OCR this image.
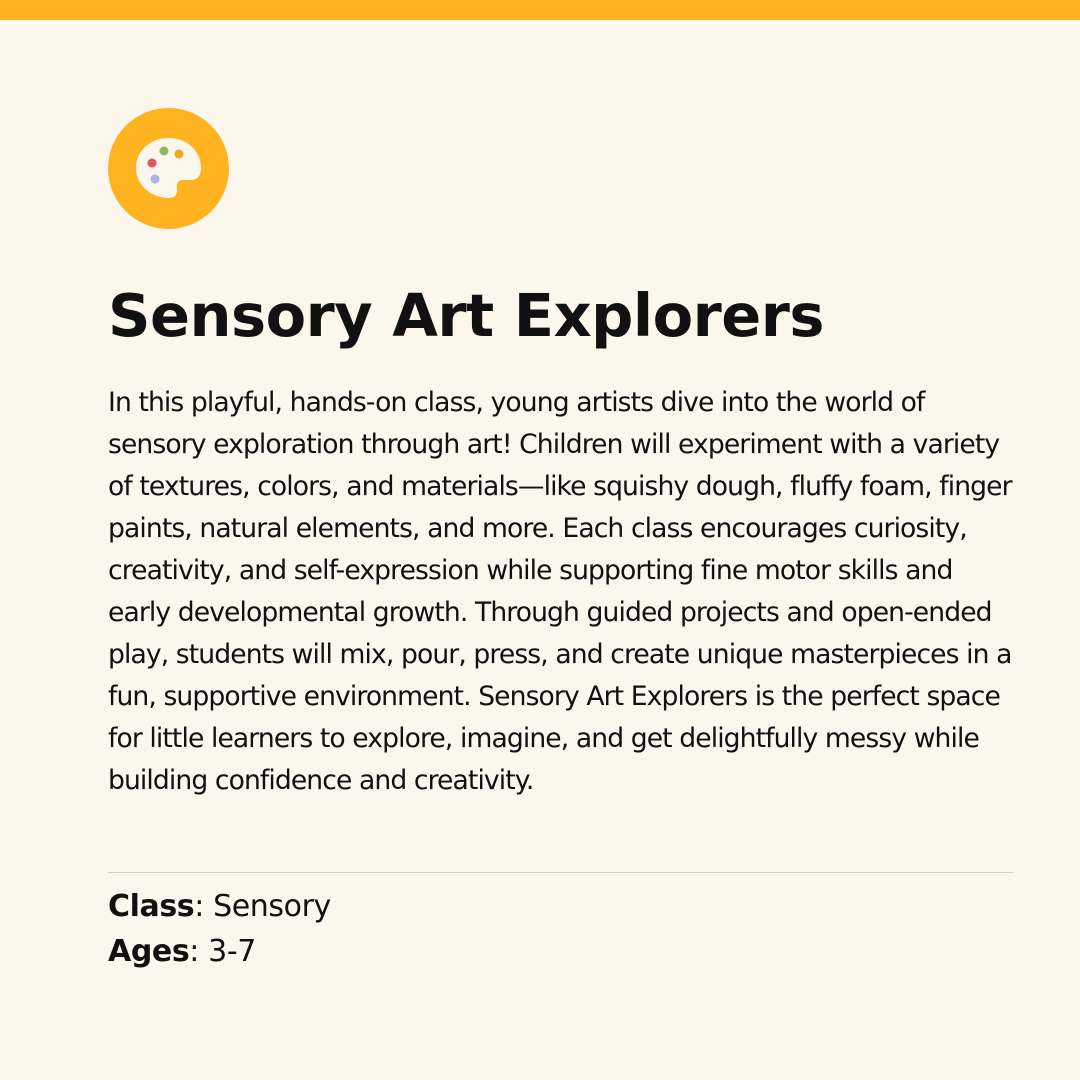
Sensory Art Explorers

In this playful, hands-on class, young artists dive into the world of sensory exploration through art! Children will experiment with a variety of textures, colors, and materials—like squishy dough, fluffy foam, finger paints, natural elements, and more. Each class encourages curiosity, creativity, and self-expression while supporting fine motor skills and early developmental growth. Through guided projects and open-ended play, students will mix, pour, press, and create unique masterpieces in a fun, supportive environment. Sensory Art Explorers is the perfect space for little learners to explore, imagine, and get delightfully messy while building confidence and creativity.

Class: Sensory
Ages: 3-7
